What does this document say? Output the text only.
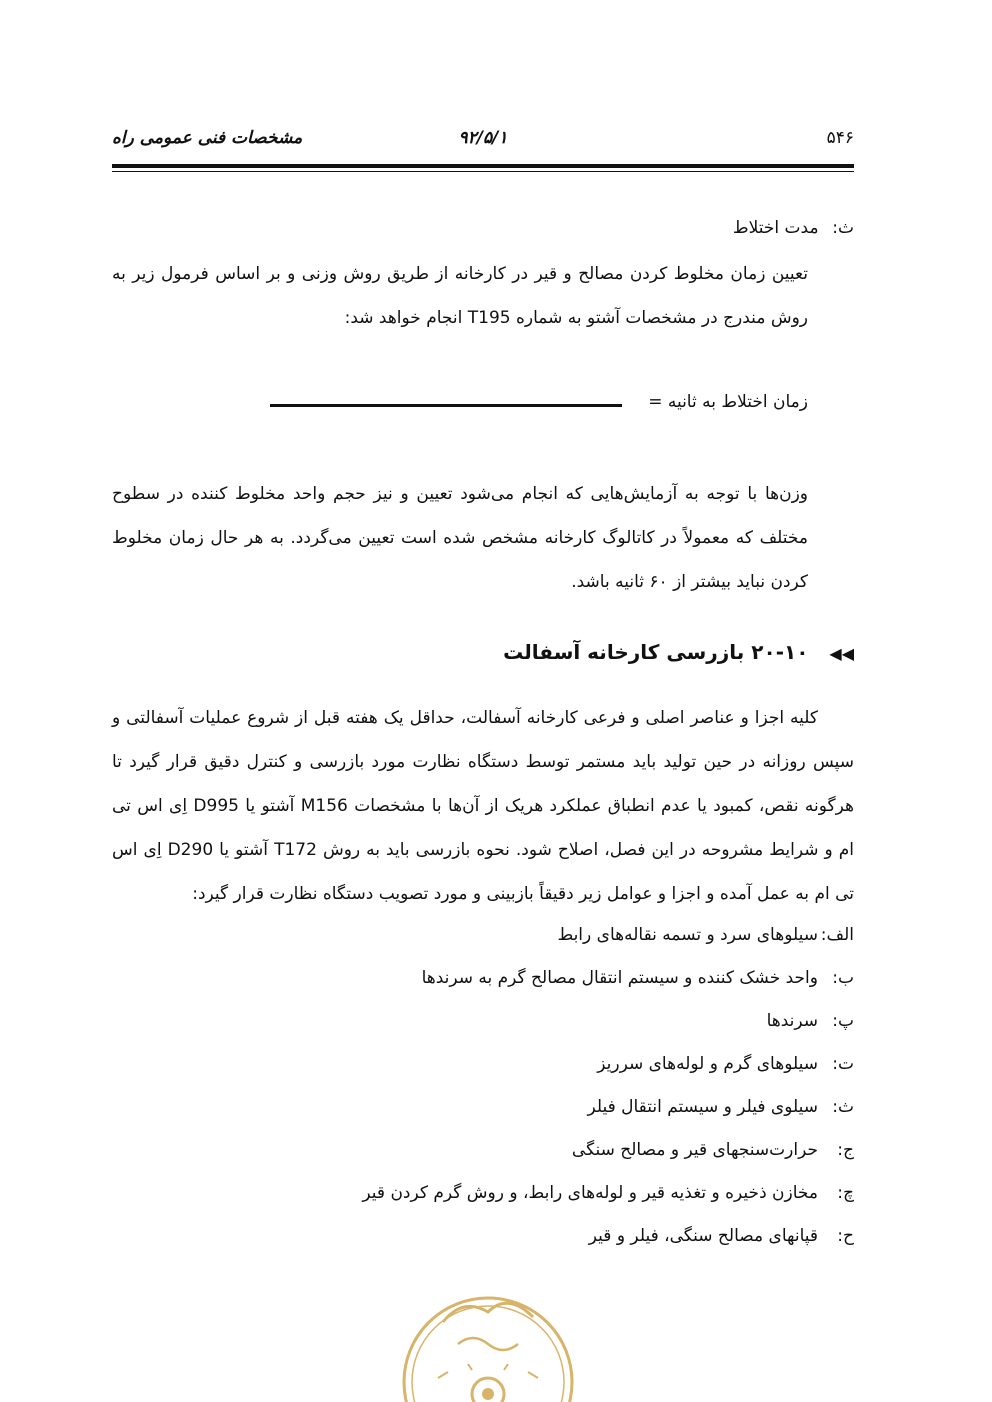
۵۴۶
۹۲/۵/۱
مشخصات فنی عمومی راه
ث: مدت اختلاط
تعیین زمان مخلوط کردن مصالح و قیر در کارخانه از طریق روش وزنی و بر اساس فرمول زیر به روش مندرج در مشخصات آشتو به شماره T195 انجام خواهد شد:
زمان اختلاط به ثانیه =
وزن‌ها با توجه به آزمایش‌هایی که انجام می‌شود تعیین و نیز حجم واحد مخلوط کننده در سطوح مختلف که معمولاً در کاتالوگ کارخانه مشخص شده است تعیین می‌گردد. به هر حال زمان مخلوط کردن نباید بیشتر از ۶۰ ثانیه باشد.
◀◀ ۲۰-۱۰ بازرسی کارخانه آسفالت
کلیه اجزا و عناصر اصلی و فرعی کارخانه آسفالت، حداقل یک هفته قبل از شروع عملیات آسفالتی و سپس روزانه در حین تولید باید مستمر توسط دستگاه نظارت مورد بازرسی و کنترل دقیق قرار گیرد تا هرگونه نقص، کمبود یا عدم انطباق عملکرد هریک از آن‌ها با مشخصات M156 آشتو یا D995 اِی اس تی ام و شرایط مشروحه در این فصل، اصلاح شود. نحوه بازرسی باید به روش T172 آشتو یا D290 اِی اس تی ام به عمل آمده و اجزا و عوامل زیر دقیقاً بازبینی و مورد تصویب دستگاه نظارت قرار گیرد:
الف:سیلوهای سرد و تسمه نقاله‌های رابط
ب:واحد خشک کننده و سیستم انتقال مصالح گرم به سرندها
پ:سرندها
ت:سیلوهای گرم و لوله‌های سرریز
ث:سیلوی فیلر و سیستم انتقال فیلر
ج:حرارت‌سنجهای قیر و مصالح سنگی
چ:مخازن ذخیره و تغذیه قیر و لوله‌های رابط، و روش گرم کردن قیر
ح:قپانهای مصالح سنگی، فیلر و قیر
